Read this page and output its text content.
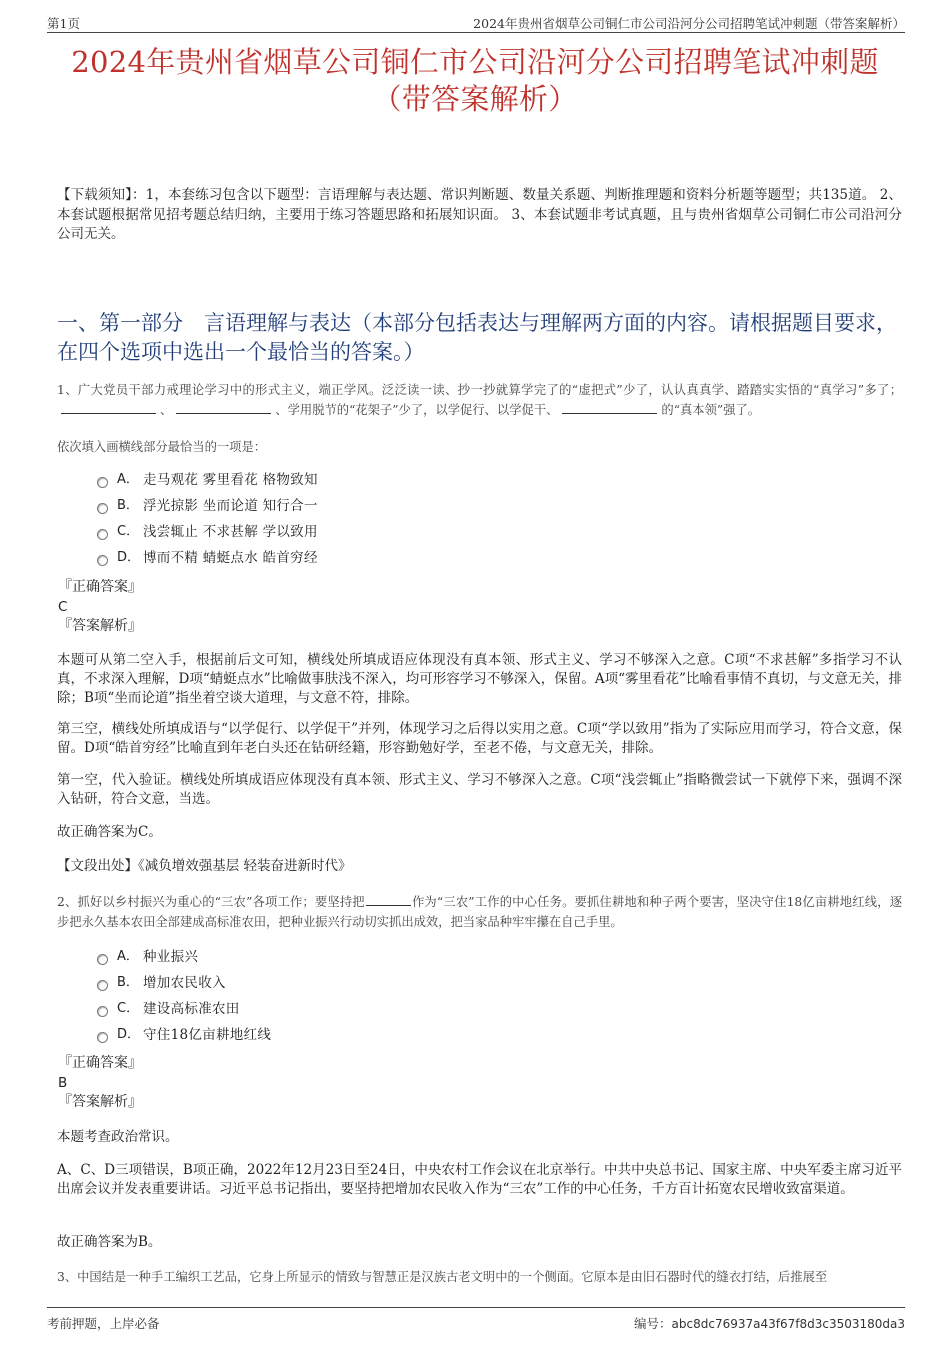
第1页	2024年贵州省烟草公司铜仁市公司沿河分公司招聘笔试冲刺题（带答案解析）
2024年贵州省烟草公司铜仁市公司沿河分公司招聘笔试冲刺题
（带答案解析）
【下载须知】：1，本套练习包含以下题型：言语理解与表达题、常识判断题、数量关系题、判断推理题和资料分析题等题型；共135道。 2、本套试题根据常见招考题总结归纳，主要用于练习答题思路和拓展知识面。 3、本套试题非考试真题，且与贵州省烟草公司铜仁市公司沿河分公司无关。
一、第一部分　言语理解与表达（本部分包括表达与理解两方面的内容。请根据题目要求，在四个选项中选出一个最恰当的答案。）
1、广大党员干部力戒理论学习中的形式主义，端正学风。泛泛读一读、抄一抄就算学完了的“虚把式”少了，认认真真学、踏踏实实悟的“真学习”多了；、	、学用脱节的“花架子”少了，以学促行、以学促干、	的“真本领”强了。
依次填入画横线部分最恰当的一项是：
A． 走马观花 雾里看花 格物致知
B． 浮光掠影 坐而论道 知行合一
C． 浅尝辄止 不求甚解 学以致用
D． 博而不精 蜻蜓点水 皓首穷经
『正确答案』
C
『答案解析』
本题可从第二空入手，根据前后文可知，横线处所填成语应体现没有真本领、形式主义、学习不够深入之意。C项“不求甚解”多指学习不认真，不求深入理解，D项“蜻蜓点水”比喻做事肤浅不深入，均可形容学习不够深入，保留。A项“雾里看花”比喻看事情不真切，与文意无关，排除；B项“坐而论道”指坐着空谈大道理，与文意不符，排除。
第三空，横线处所填成语与“以学促行、以学促干”并列，体现学习之后得以实用之意。C项“学以致用”指为了实际应用而学习，符合文意，保留。D项“皓首穷经”比喻直到年老白头还在钻研经籍，形容勤勉好学，至老不倦，与文意无关，排除。
第一空，代入验证。横线处所填成语应体现没有真本领、形式主义、学习不够深入之意。C项“浅尝辄止”指略微尝试一下就停下来，强调不深入钻研，符合文意，当选。
故正确答案为C。
【文段出处】《减负增效强基层 轻装奋进新时代》
2、抓好以乡村振兴为重心的“三农”各项工作；要坚持把	作为“三农”工作的中心任务。要抓住耕地和种子两个要害，坚决守住18亿亩耕地红线，逐步把永久基本农田全部建成高标准农田，把种业振兴行动切实抓出成效，把当家品种牢牢攥在自己手里。
A． 种业振兴
B． 增加农民收入
C． 建设高标准农田
D． 守住18亿亩耕地红线
『正确答案』
B
『答案解析』
本题考查政治常识。
A、C、D三项错误，B项正确，2022年12月23日至24日，中央农村工作会议在北京举行。中共中央总书记、国家主席、中央军委主席习近平出席会议并发表重要讲话。习近平总书记指出，要坚持把增加农民收入作为“三农”工作的中心任务，千方百计拓宽农民增收致富渠道。
故正确答案为B。
3、中国结是一种手工编织工艺品，它身上所显示的情致与智慧正是汉族古老文明中的一个侧面。它原本是由旧石器时代的缝衣打结，后推展至
考前押题，上岸必备	编号：abc8dc76937a43f67f8d3c3503180da3
